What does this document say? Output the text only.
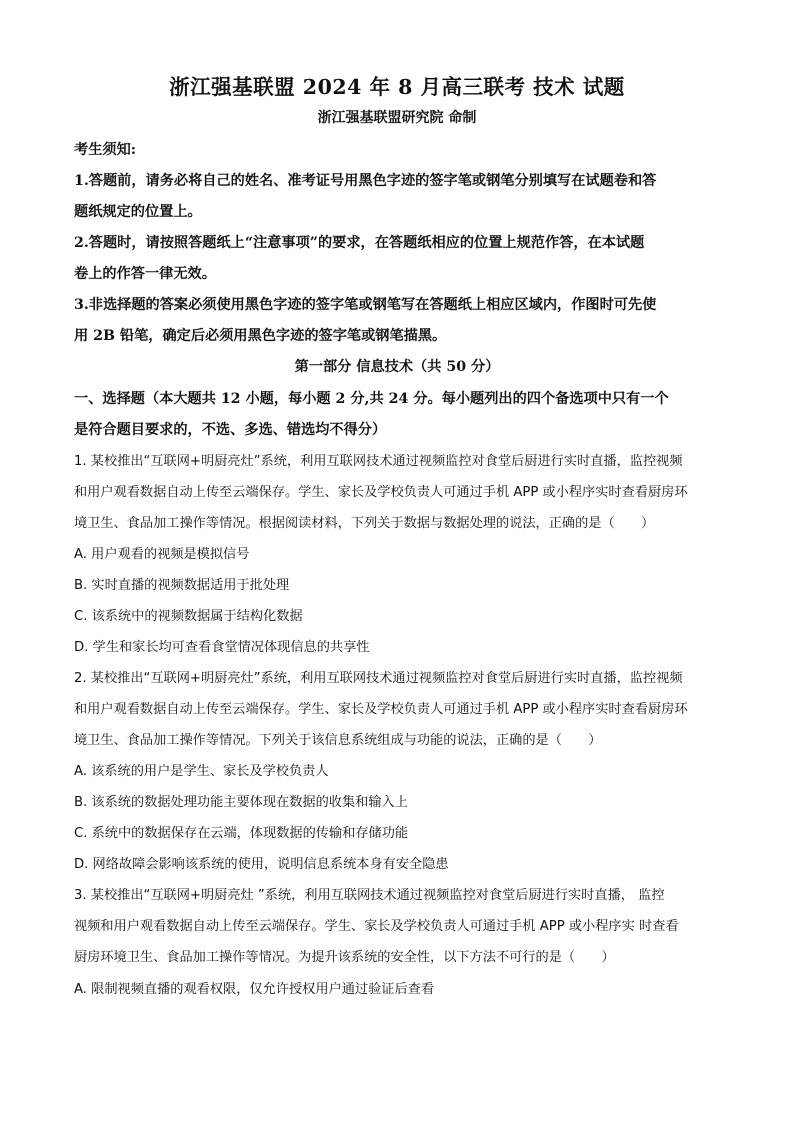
浙江强基联盟 2024 年 8 月高三联考 技术 试题
浙江强基联盟研究院 命制
考生须知:
1.答题前，请务必将自己的姓名、准考证号用黑色字迹的签字笔或钢笔分别填写在试题卷和答
题纸规定的位置上。
2.答题时，请按照答题纸上“注意事项”的要求，在答题纸相应的位置上规范作答，在本试题
卷上的作答一律无效。
3.非选择题的答案必须使用黑色字迹的签字笔或钢笔写在答题纸上相应区域内，作图时可先使
用 2B 铅笔，确定后必须用黑色字迹的签字笔或钢笔描黑。
第一部分 信息技术（共 50 分）
一、选择题（本大题共 12 小题，每小题 2 分,共 24 分。每小题列出的四个备选项中只有一个
是符合题目要求的，不选、多选、错选均不得分）
1. 某校推出“互联网+明厨亮灶”系统，利用互联网技术通过视频监控对食堂后厨进行实时直播，监控视频
和用户观看数据自动上传至云端保存。学生、家长及学校负责人可通过手机 APP 或小程序实时查看厨房环
境卫生、食品加工操作等情况。根据阅读材料，下列关于数据与数据处理的说法，正确的是（　　）
A. 用户观看的视频是模拟信号
B. 实时直播的视频数据适用于批处理
C. 该系统中的视频数据属于结构化数据
D. 学生和家长均可查看食堂情况体现信息的共享性
2. 某校推出“互联网+明厨亮灶”系统，利用互联网技术通过视频监控对食堂后厨进行实时直播，监控视频
和用户观看数据自动上传至云端保存。学生、家长及学校负责人可通过手机 APP 或小程序实时查看厨房环
境卫生、食品加工操作等情况。下列关于该信息系统组成与功能的说法，正确的是（　　）
A. 该系统的用户是学生、家长及学校负责人
B. 该系统的数据处理功能主要体现在数据的收集和输入上
C. 系统中的数据保存在云端，体现数据的传输和存储功能
D. 网络故障会影响该系统的使用，说明信息系统本身有安全隐患
3. 某校推出“互联网+明厨亮灶 ”系统，利用互联网技术通过视频监控对食堂后厨进行实时直播， 监控
视频和用户观看数据自动上传至云端保存。学生、家长及学校负责人可通过手机 APP 或小程序实 时查看
厨房环境卫生、食品加工操作等情况。为提升该系统的安全性，以下方法不可行的是（　　）
A. 限制视频直播的观看权限，仅允许授权用户通过验证后查看
